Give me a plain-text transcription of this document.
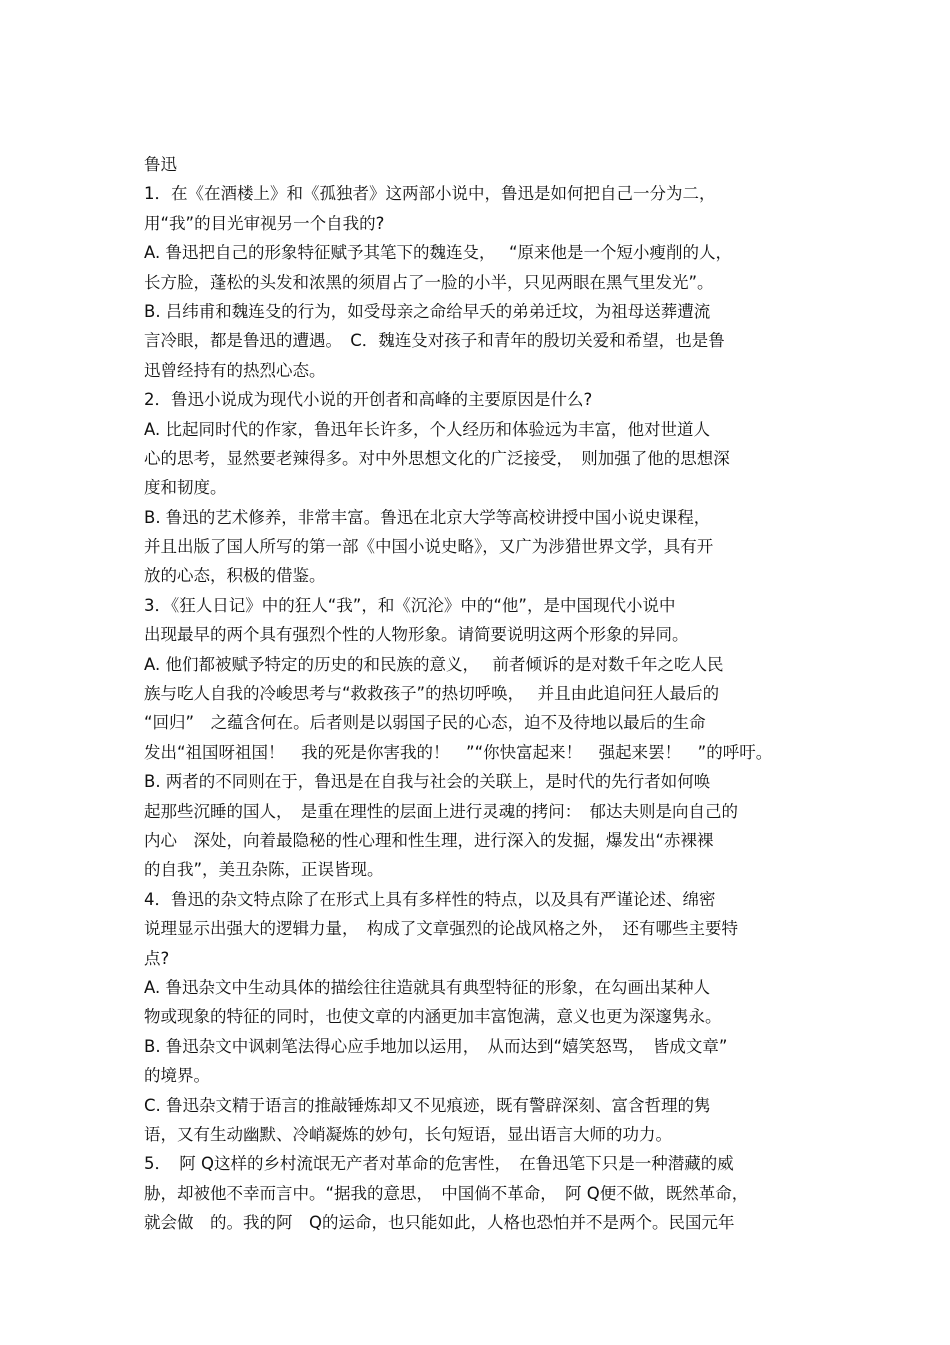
鲁迅
1．在《在酒楼上》和《孤独者》这两部小说中，鲁迅是如何把自己一分为二，
用“我”的目光审视另一个自我的?
A. 鲁迅把自己的形象特征赋予其笔下的魏连殳，　 “原来他是一个短小瘦削的人，
长方脸，蓬松的头发和浓黑的须眉占了一脸的小半，只见两眼在黑气里发光”。
B. 吕纬甫和魏连殳的行为，如受母亲之命给早夭的弟弟迁坟，为祖母送葬遭流
言冷眼，都是鲁迅的遭遇。　C．魏连殳对孩子和青年的殷切关爱和希望，也是鲁
迅曾经持有的热烈心态。
2．鲁迅小说成为现代小说的开创者和高峰的主要原因是什么?
A. 比起同时代的作家，鲁迅年长许多，个人经历和体验远为丰富，他对世道人
心的思考，显然要老辣得多。对中外思想文化的广泛接受，　则加强了他的思想深
度和韧度。
B. 鲁迅的艺术修养，非常丰富。鲁迅在北京大学等高校讲授中国小说史课程，
并且出版了国人所写的第一部《中国小说史略》，又广为涉猎世界文学，具有开
放的心态，积极的借鉴。
3．《狂人日记》中的狂人“我”，和《沉沦》中的“他”，是中国现代小说中
出现最早的两个具有强烈个性的人物形象。请简要说明这两个形象的异同。
A. 他们都被赋予特定的历史的和民族的意义，　 前者倾诉的是对数千年之吃人民
族与吃人自我的冷峻思考与“救救孩子”的热切呼唤，　 并且由此追问狂人最后的
“回归”　之蕴含何在。后者则是以弱国子民的心态，迫不及待地以最后的生命
发出“祖国呀祖国！　我的死是你害我的！　”“你快富起来！　强起来罢！　”的呼吁。
B. 两者的不同则在于，鲁迅是在自我与社会的关联上，是时代的先行者如何唤
起那些沉睡的国人，　是重在理性的层面上进行灵魂的拷问：　郁达夫则是向自己的
内心　深处，向着最隐秘的性心理和性生理，进行深入的发掘，爆发出“赤裸裸
的自我”，美丑杂陈，正误皆现。
4．鲁迅的杂文特点除了在形式上具有多样性的特点，以及具有严谨论述、绵密
说理显示出强大的逻辑力量，　构成了文章强烈的论战风格之外，　还有哪些主要特
点?
A. 鲁迅杂文中生动具体的描绘往往造就具有典型特征的形象，在勾画出某种人
物或现象的特征的同时，也使文章的内涵更加丰富饱满，意义也更为深邃隽永。
B. 鲁迅杂文中讽刺笔法得心应手地加以运用，　从而达到“嬉笑怒骂，　皆成文章”
的境界。
C. 鲁迅杂文精于语言的推敲锤炼却又不见痕迹，既有警辟深刻、富含哲理的隽
语，又有生动幽默、冷峭凝炼的妙句，长句短语，显出语言大师的功力。
5．　阿 Q这样的乡村流氓无产者对革命的危害性，　在鲁迅笔下只是一种潜藏的威
胁，却被他不幸而言中。“据我的意思，　中国倘不革命，　阿 Q便不做，既然革命，
就会做　的。我的阿　Q的运命，也只能如此，人格也恐怕并不是两个。民国元年
